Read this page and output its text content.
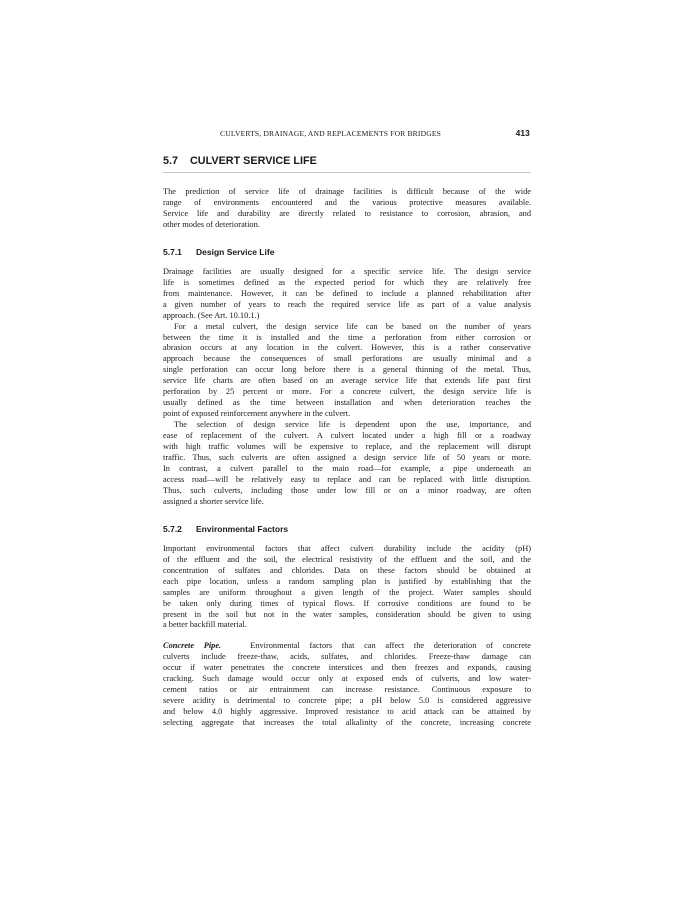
CULVERTS, DRAINAGE, AND REPLACEMENTS FOR BRIDGES	413
5.7 CULVERT SERVICE LIFE

The prediction of service life of drainage facilities is difficult because of the wide
range of environments encountered and the various protective measures available.
Service life and durability are directly related to resistance to corrosion, abrasion, and
other modes of deterioration.

5.7.1 Design Service Life

Drainage facilities are usually designed for a specific service life. The design service
life is sometimes defined as the expected period for which they are relatively free
from maintenance. However, it can be defined to include a planned rehabilitation after
a given number of years to reach the required service life as part of a value analysis
approach. (See Art. 10.10.1.)

For a metal culvert, the design service life can be based on the number of years
between the time it is installed and the time a perforation from either corrosion or
abrasion occurs at any location in the culvert. However, this is a rather conservative
approach because the consequences of small perforations are usually minimal and a
single perforation can occur long before there is a general thinning of the metal. Thus,
service life charts are often based on an average service life that extends life past first
perforation by 25 percent or more. For a concrete culvert, the design service life is
usually defined as the time between installation and when deterioration reaches the
point of exposed reinforcement anywhere in the culvert.

The selection of design service life is dependent upon the use, importance, and
ease of replacement of the culvert. A culvert located under a high fill or a roadway
with high traffic volumes will be expensive to replace, and the replacement will disrupt
traffic. Thus, such culverts are often assigned a design service life of 50 years or more.
In contrast, a culvert parallel to the main road—for example, a pipe underneath an
access road—will be relatively easy to replace and can be replaced with little disruption.
Thus, such culverts, including those under low fill or on a minor roadway, are often
assigned a shorter service life.

5.7.2 Environmental Factors

Important environmental factors that affect culvert durability include the acidity (pH)
of the effluent and the soil, the electrical resistivity of the effluent and the soil, and the
concentration of sulfates and chlorides. Data on these factors should be obtained at
each pipe location, unless a random sampling plan is justified by establishing that the
samples are uniform throughout a given length of the project. Water samples should
be taken only during times of typical flows. If corrosive conditions are found to be
present in the soil but not in the water samples, consideration should be given to using
a better backfill material.

Concrete Pipe.	Environmental factors that can affect the deterioration of concrete
culverts include freeze-thaw, acids, sulfates, and chlorides. Freeze-thaw damage can
occur if water penetrates the concrete interstices and then freezes and expands, causing
cracking. Such damage would occur only at exposed ends of culverts, and low water-
cement ratios or air entrainment can increase resistance. Continuous exposure to
severe acidity is detrimental to concrete pipe; a pH below 5.0 is considered aggressive
and below 4.0 highly aggressive. Improved resistance to acid attack can be attained by
selecting aggregate that increases the total alkalinity of the concrete, increasing concrete
